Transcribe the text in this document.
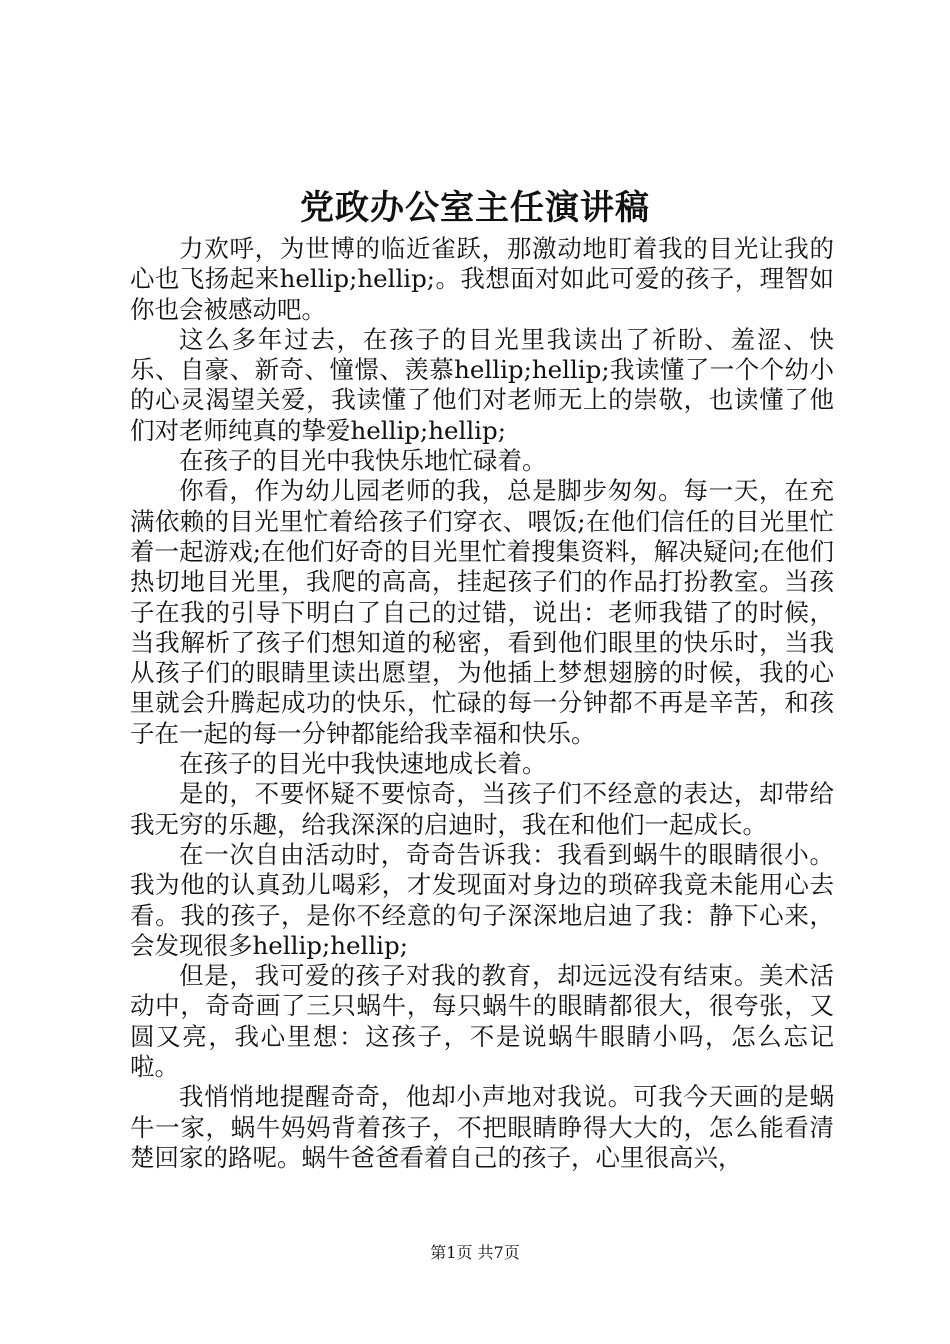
党政办公室主任演讲稿

力欢呼，为世博的临近雀跃，那激动地盯着我的目光让我的心也飞扬起来hellip;hellip;。我想面对如此可爱的孩子，理智如你也会被感动吧。

这么多年过去，在孩子的目光里我读出了祈盼、羞涩、快乐、自豪、新奇、憧憬、羡慕hellip;hellip;我读懂了一个个幼小的心灵渴望关爱，我读懂了他们对老师无上的崇敬，也读懂了他们对老师纯真的挚爱hellip;hellip;

在孩子的目光中我快乐地忙碌着。

你看，作为幼儿园老师的我，总是脚步匆匆。每一天，在充满依赖的目光里忙着给孩子们穿衣、喂饭;在他们信任的目光里忙着一起游戏;在他们好奇的目光里忙着搜集资料，解决疑问;在他们热切地目光里，我爬的高高，挂起孩子们的作品打扮教室。当孩子在我的引导下明白了自己的过错，说出：老师我错了的时候，当我解析了孩子们想知道的秘密，看到他们眼里的快乐时，当我从孩子们的眼睛里读出愿望，为他插上梦想翅膀的时候，我的心里就会升腾起成功的快乐，忙碌的每一分钟都不再是辛苦，和孩子在一起的每一分钟都能给我幸福和快乐。

在孩子的目光中我快速地成长着。

是的，不要怀疑不要惊奇，当孩子们不经意的表达，却带给我无穷的乐趣，给我深深的启迪时，我在和他们一起成长。

在一次自由活动时，奇奇告诉我：我看到蜗牛的眼睛很小。我为他的认真劲儿喝彩，才发现面对身边的琐碎我竟未能用心去看。我的孩子，是你不经意的句子深深地启迪了我：静下心来，会发现很多hellip;hellip;

但是，我可爱的孩子对我的教育，却远远没有结束。美术活动中，奇奇画了三只蜗牛，每只蜗牛的眼睛都很大，很夸张，又圆又亮，我心里想：这孩子，不是说蜗牛眼睛小吗，怎么忘记啦。

我悄悄地提醒奇奇，他却小声地对我说。可我今天画的是蜗牛一家，蜗牛妈妈背着孩子，不把眼睛睁得大大的，怎么能看清楚回家的路呢。蜗牛爸爸看着自己的孩子，心里很高兴，

第1页 共7页
